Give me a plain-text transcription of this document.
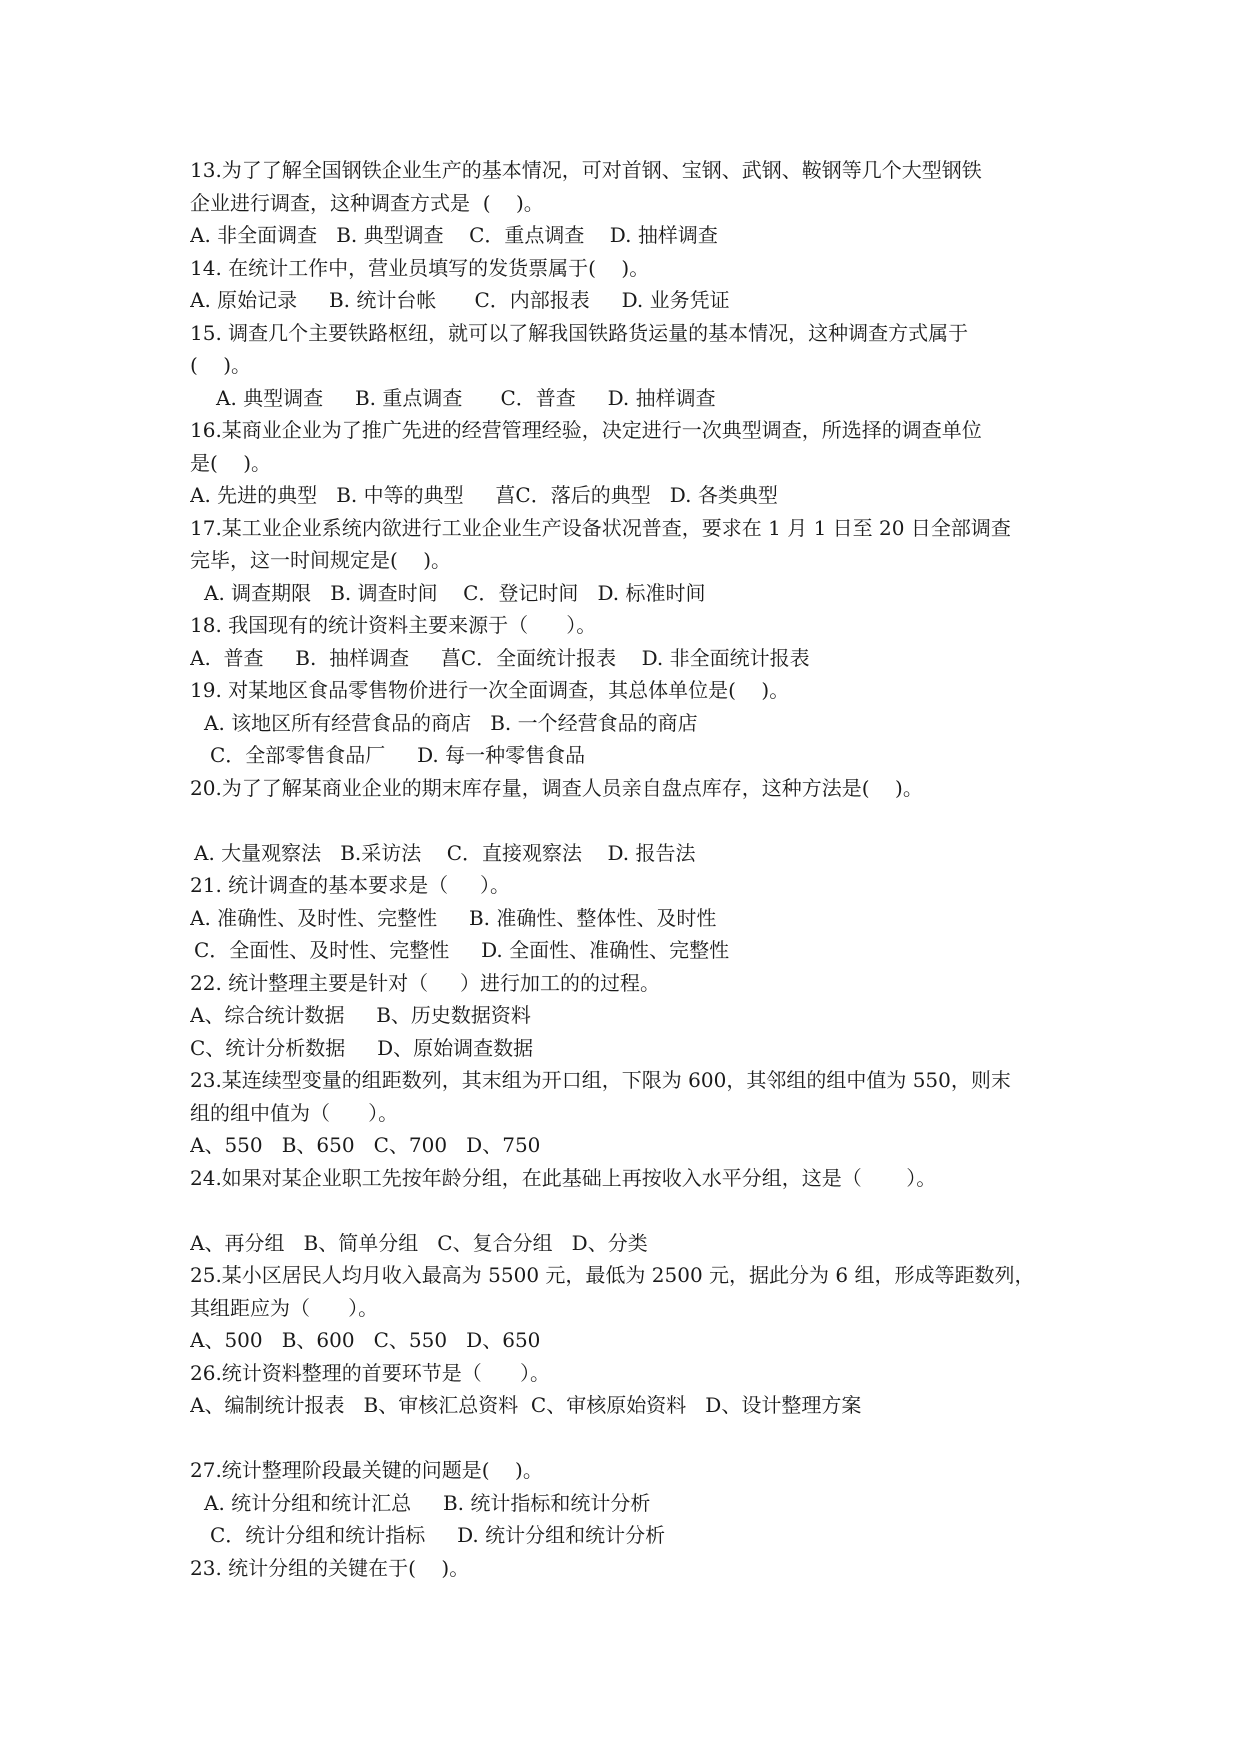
13.为了了解全国钢铁企业生产的基本情况，可对首钢、宝钢、武钢、鞍钢等几个大型钢铁
企业进行调查，这种调查方式是  (    )。
A. 非全面调查   B. 典型调查    C．重点调查    D. 抽样调查
14. 在统计工作中，营业员填写的发货票属于(    )。
A. 原始记录     B. 统计台帐      C．内部报表     D. 业务凭证
15. 调查几个主要铁路枢纽，就可以了解我国铁路货运量的基本情况，这种调查方式属于
(    )。
A. 典型调查     B. 重点调查      C．普查     D. 抽样调查
16.某商业企业为了推广先进的经营管理经验，决定进行一次典型调查，所选择的调查单位
是(    )。
A. 先进的典型   B. 中等的典型     菖C．落后的典型   D. 各类典型
17.某工业企业系统内欲进行工业企业生产设备状况普查，要求在 1 月 1 日至 20 日全部调查
完毕，这一时间规定是(    )。
A. 调查期限   B. 调查时间    C．登记时间   D. 标准时间
18. 我国现有的统计资料主要来源于（      ）。
A.  普查     B.  抽样调查     菖C．全面统计报表    D. 非全面统计报表
19. 对某地区食品零售物价进行一次全面调查，其总体单位是(    )。
A. 该地区所有经营食品的商店   B. 一个经营食品的商店
C．全部零售食品厂     D. 每一种零售食品
20.为了了解某商业企业的期末库存量，调查人员亲自盘点库存，这种方法是(    )。
A. 大量观察法   B.采访法    C．直接观察法    D. 报告法
21. 统计调查的基本要求是（     ）。
A. 准确性、及时性、完整性     B. 准确性、整体性、及时性
C．全面性、及时性、完整性     D. 全面性、准确性、完整性
22. 统计整理主要是针对（     ）进行加工的的过程。
A、综合统计数据     B、历史数据资料
C、统计分析数据     D、原始调查数据
23.某连续型变量的组距数列，其末组为开口组，下限为 600，其邻组的组中值为 550，则末
组的组中值为（      ）。
A、550   B、650   C、700   D、750
24.如果对某企业职工先按年龄分组，在此基础上再按收入水平分组，这是（       ）。
A、再分组   B、简单分组   C、复合分组   D、分类
25.某小区居民人均月收入最高为 5500 元，最低为 2500 元，据此分为 6 组，形成等距数列，
其组距应为（      ）。
A、500   B、600   C、550   D、650
26.统计资料整理的首要环节是（      ）。
A、编制统计报表   B、审核汇总资料  C、审核原始资料   D、设计整理方案
27.统计整理阶段最关键的问题是(    )。
A. 统计分组和统计汇总     B. 统计指标和统计分析
C．统计分组和统计指标     D. 统计分组和统计分析
23. 统计分组的关键在于(    )。
